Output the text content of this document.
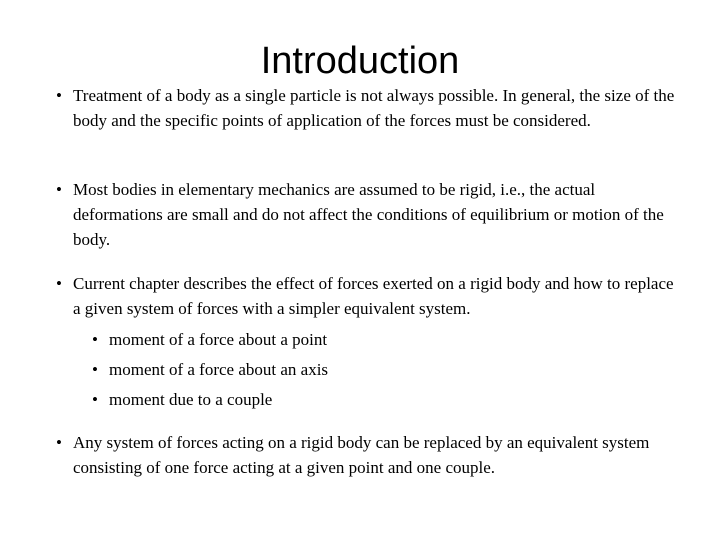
Introduction
• Treatment of a body as a single particle is not always possible. In general, the size of the body and the specific points of application of the forces must be considered.
• Most bodies in elementary mechanics are assumed to be rigid, i.e., the actual deformations are small and do not affect the conditions of equilibrium or motion of the body.
• Current chapter describes the effect of forces exerted on a rigid body and how to replace a given system of forces with a simpler equivalent system.
• moment of a force about a point
• moment of a force about an axis
• moment due to a couple
• Any system of forces acting on a rigid body can be replaced by an equivalent system consisting of one force acting at a given point and one couple.
